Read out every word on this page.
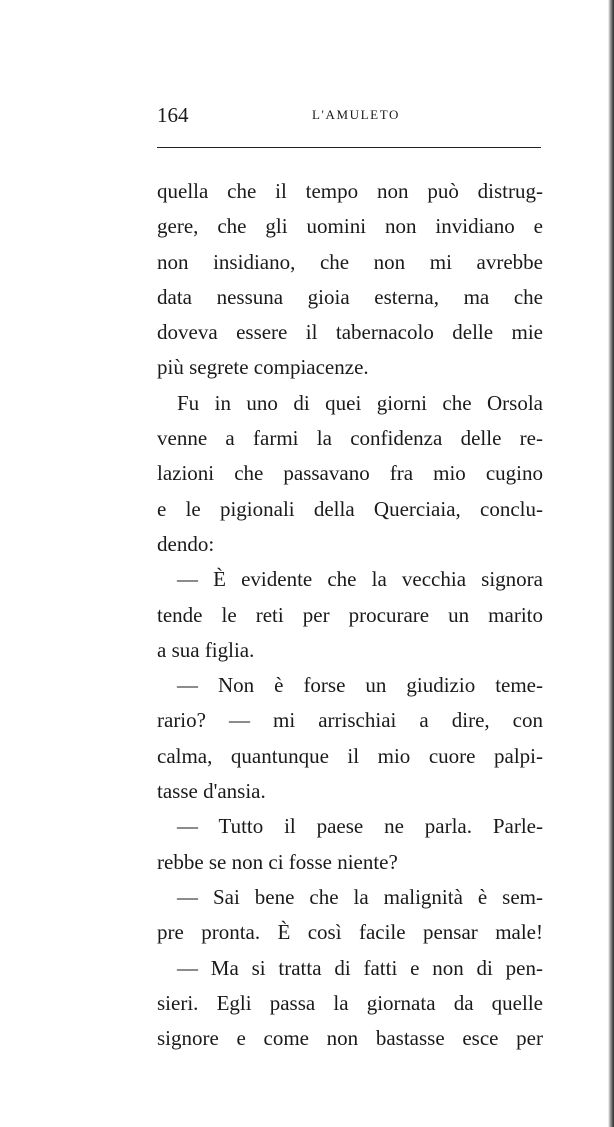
164	L'AMULETO
quella che il tempo non può distrug-
gere, che gli uomini non invidiano e
non insidiano, che non mi avrebbe
data nessuna gioia esterna, ma che
doveva essere il tabernacolo delle mie
più segrete compiacenze.
Fu in uno di quei giorni che Orsola
venne a farmi la confidenza delle re-
lazioni che passavano fra mio cugino
e le pigionali della Querciaia, conclu-
dendo:
— È evidente che la vecchia signora
tende le reti per procurare un marito
a sua figlia.
— Non è forse un giudizio teme-
rario? — mi arrischiai a dire, con
calma, quantunque il mio cuore palpi-
tasse d'ansia.
— Tutto il paese ne parla. Parle-
rebbe se non ci fosse niente?
— Sai bene che la malignità è sem-
pre pronta. È così facile pensar male!
— Ma si tratta di fatti e non di pen-
sieri. Egli passa la giornata da quelle
signore e come non bastasse esce per
